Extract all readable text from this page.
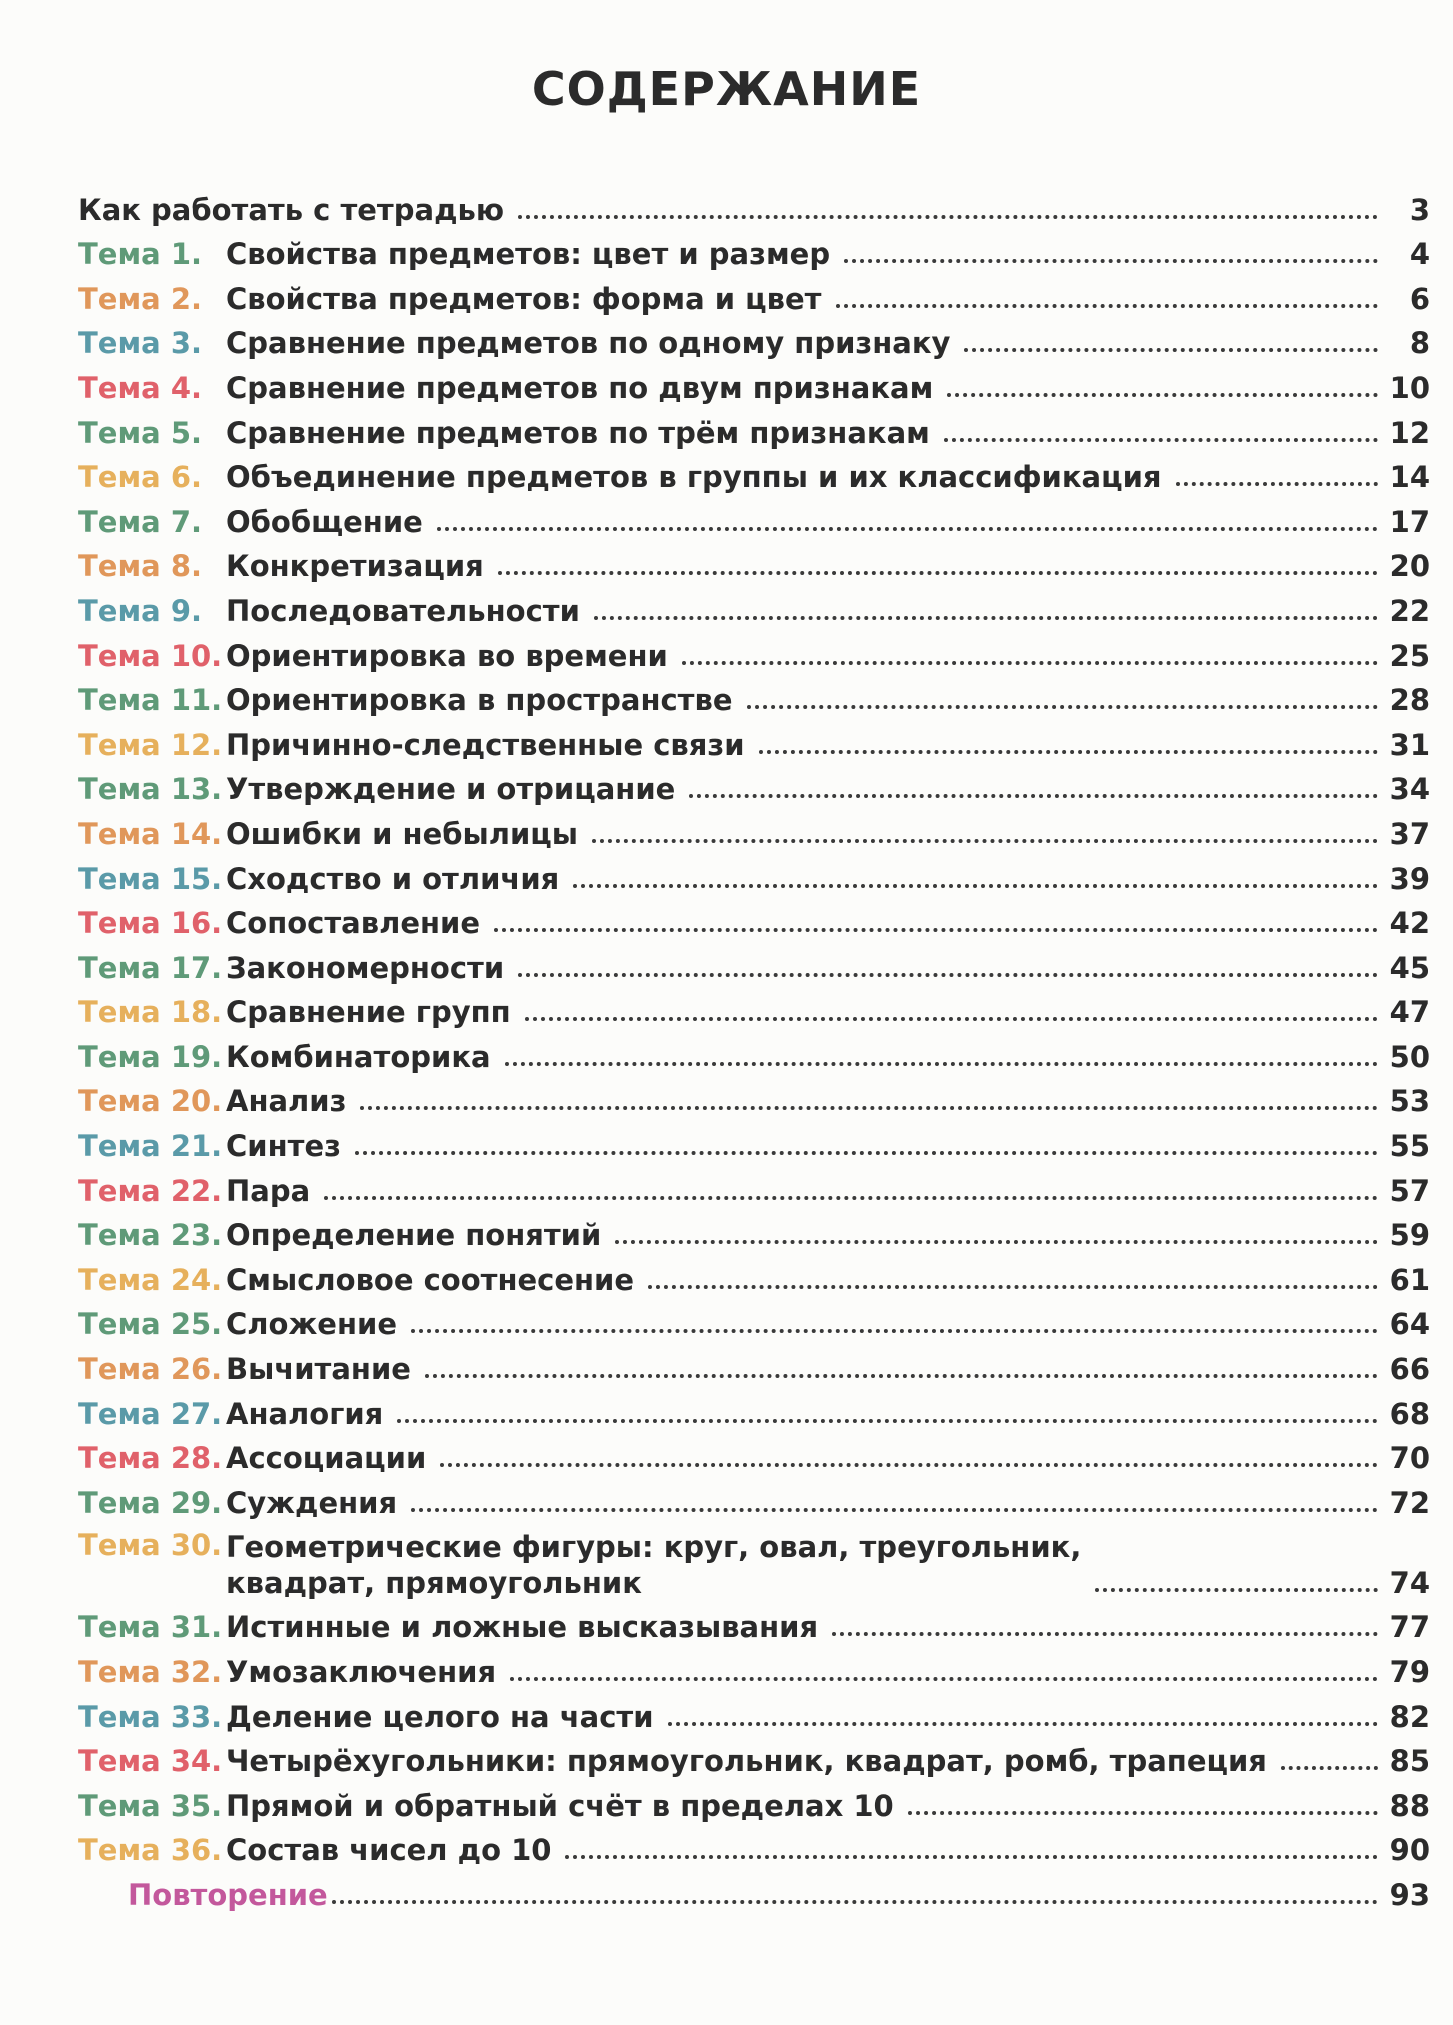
СОДЕРЖАНИЕ
Как работать с тетрадью	3
Тема 1. Свойства предметов: цвет и размер	4
Тема 2. Свойства предметов: форма и цвет	6
Тема 3. Сравнение предметов по одному признаку	8
Тема 4. Сравнение предметов по двум признакам	10
Тема 5. Сравнение предметов по трём признакам	12
Тема 6. Объединение предметов в группы и их классификация	14
Тема 7. Обобщение	17
Тема 8. Конкретизация	20
Тема 9. Последовательности	22
Тема 10. Ориентировка во времени	25
Тема 11. Ориентировка в пространстве	28
Тема 12. Причинно-следственные связи	31
Тема 13. Утверждение и отрицание	34
Тема 14. Ошибки и небылицы	37
Тема 15. Сходство и отличия	39
Тема 16. Сопоставление	42
Тема 17. Закономерности	45
Тема 18. Сравнение групп	47
Тема 19. Комбинаторика	50
Тема 20. Анализ	53
Тема 21. Синтез	55
Тема 22. Пара	57
Тема 23. Определение понятий	59
Тема 24. Смысловое соотнесение	61
Тема 25. Сложение	64
Тема 26. Вычитание	66
Тема 27. Аналогия	68
Тема 28. Ассоциации	70
Тема 29. Суждения	72
Тема 30. Геометрические фигуры: круг, овал, треугольник,
квадрат, прямоугольник	74
Тема 31. Истинные и ложные высказывания	77
Тема 32. Умозаключения	79
Тема 33. Деление целого на части	82
Тема 34. Четырёхугольники: прямоугольник, квадрат, ромб, трапеция	85
Тема 35. Прямой и обратный счёт в пределах 10	88
Тема 36. Состав чисел до 10	90
Повторение	93
